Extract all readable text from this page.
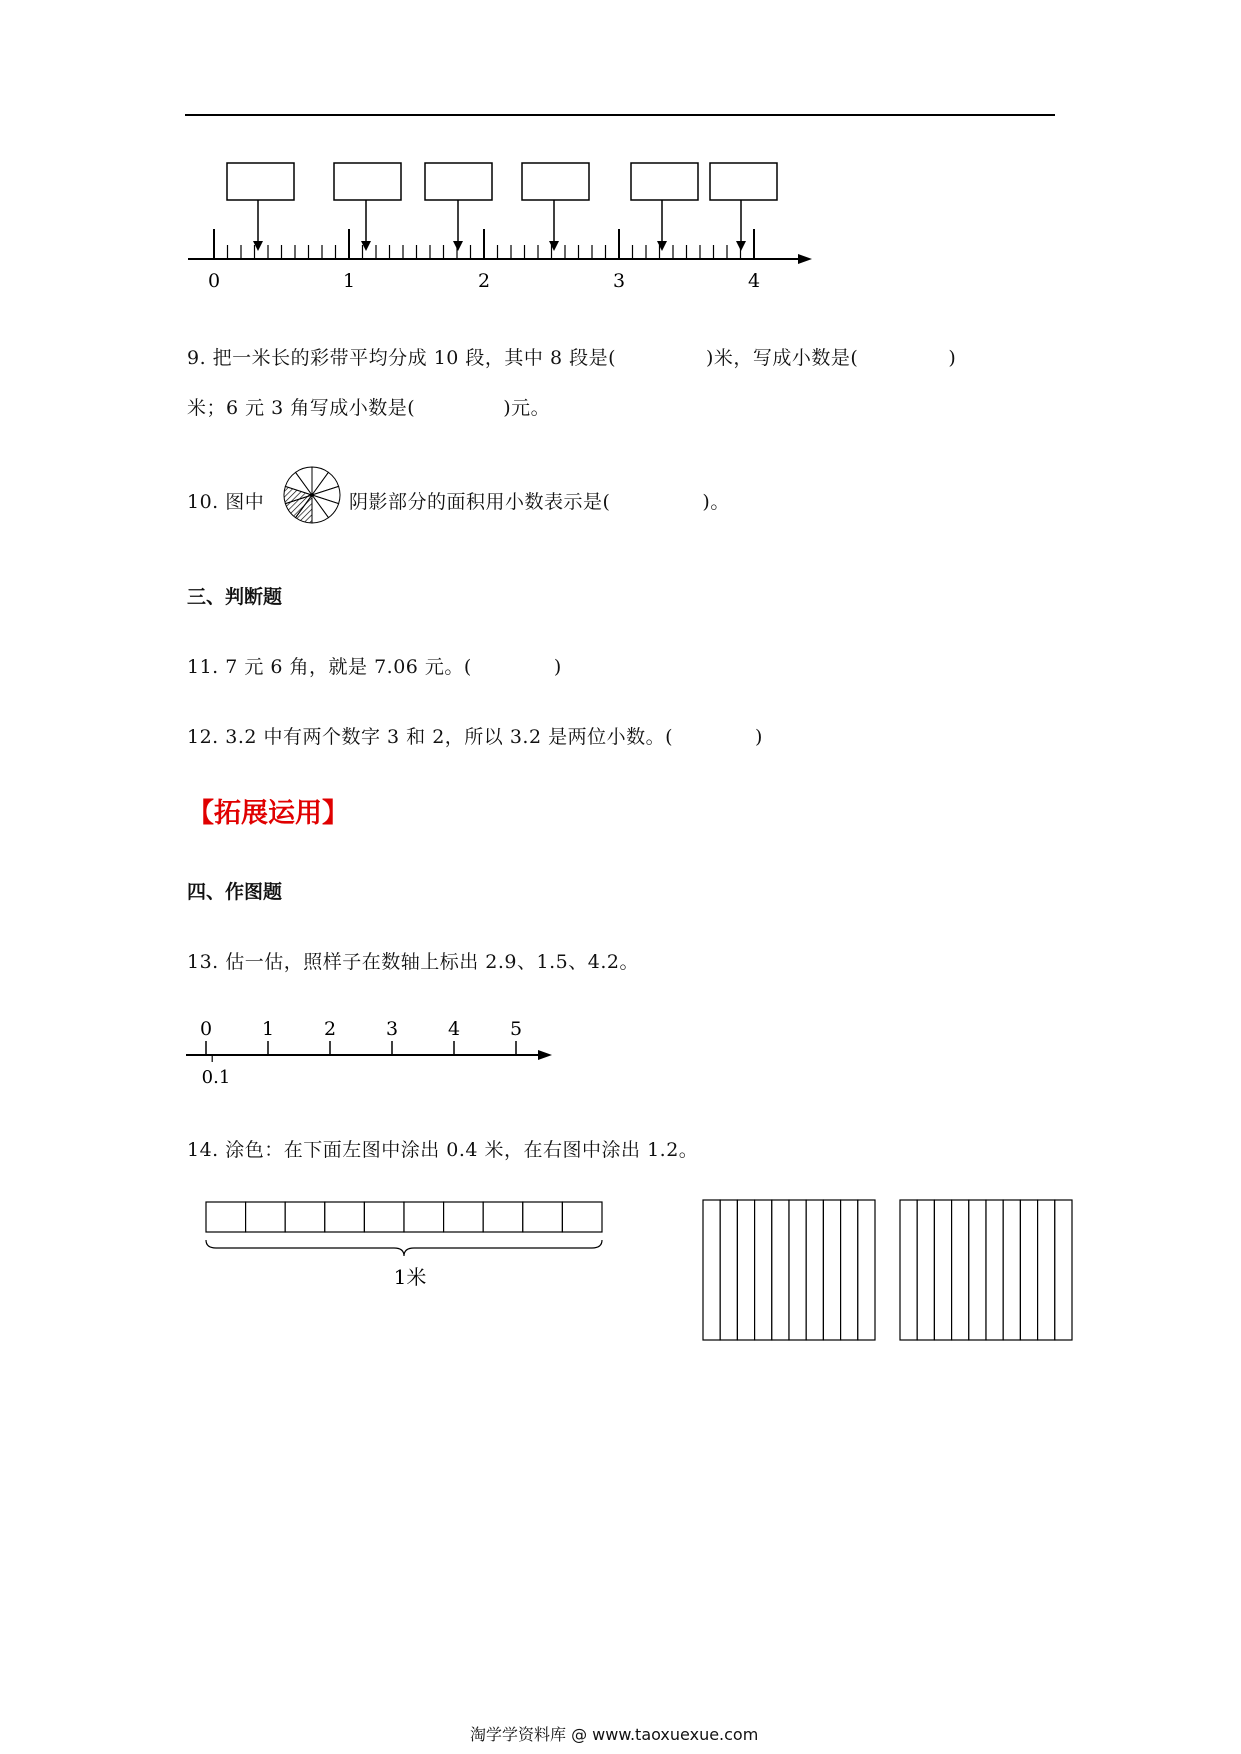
0	1	2	3	4
9. 把一米长的彩带平均分成 10 段，其中 8 段是(	)米，写成小数是(	)
米；6 元 3 角写成小数是(	)元。
10. 图中	阴影部分的面积用小数表示是(	)。
三、判断题
11. 7 元 6 角，就是 7.06 元。(	)
12. 3.2 中有两个数字 3 和 2，所以 3.2 是两位小数。(	)
【拓展运用】
四、作图题
13. 估一估，照样子在数轴上标出 2.9、1.5、4.2。
0	1	2	3	4	5
0.1
14. 涂色：在下面左图中涂出 0.4 米，在右图中涂出 1.2。
1米
淘学学资料库 @ www.taoxuexue.com
